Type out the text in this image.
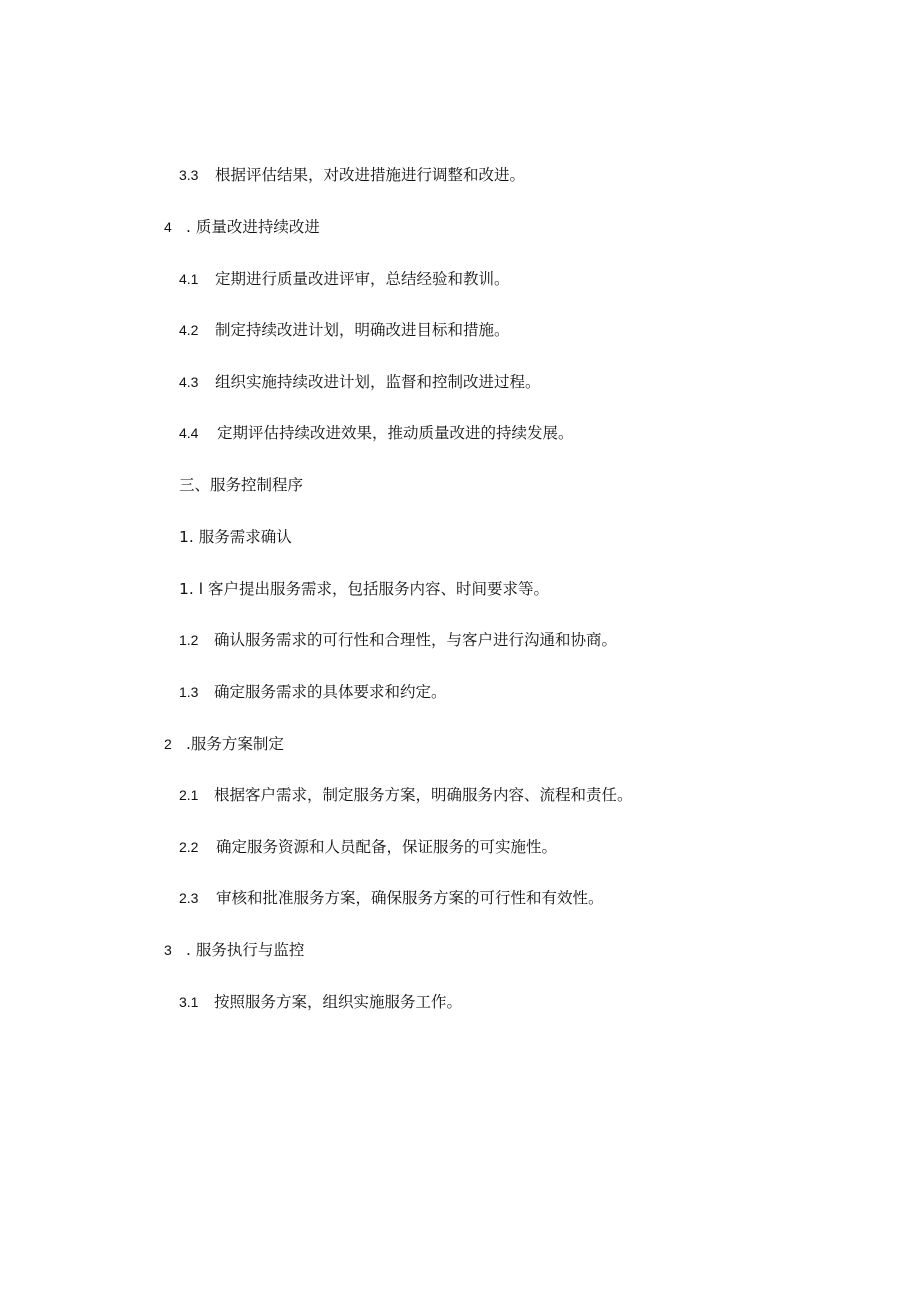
3.3 根据评估结果，对改进措施进行调整和改进。
4 . 质量改进持续改进
4.1 定期进行质量改进评审，总结经验和教训。
4.2 制定持续改进计划，明确改进目标和措施。
4.3 组织实施持续改进计划，监督和控制改进过程。
4.4 定期评估持续改进效果，推动质量改进的持续发展。
三、服务控制程序
1. 服务需求确认
1. l 客户提出服务需求，包括服务内容、时间要求等。
1.2 确认服务需求的可行性和合理性，与客户进行沟通和协商。
1.3 确定服务需求的具体要求和约定。
2 .服务方案制定
2.1 根据客户需求，制定服务方案，明确服务内容、流程和责任。
2.2 确定服务资源和人员配备，保证服务的可实施性。
2.3 审核和批准服务方案，确保服务方案的可行性和有效性。
3 . 服务执行与监控
3.1 按照服务方案，组织实施服务工作。
